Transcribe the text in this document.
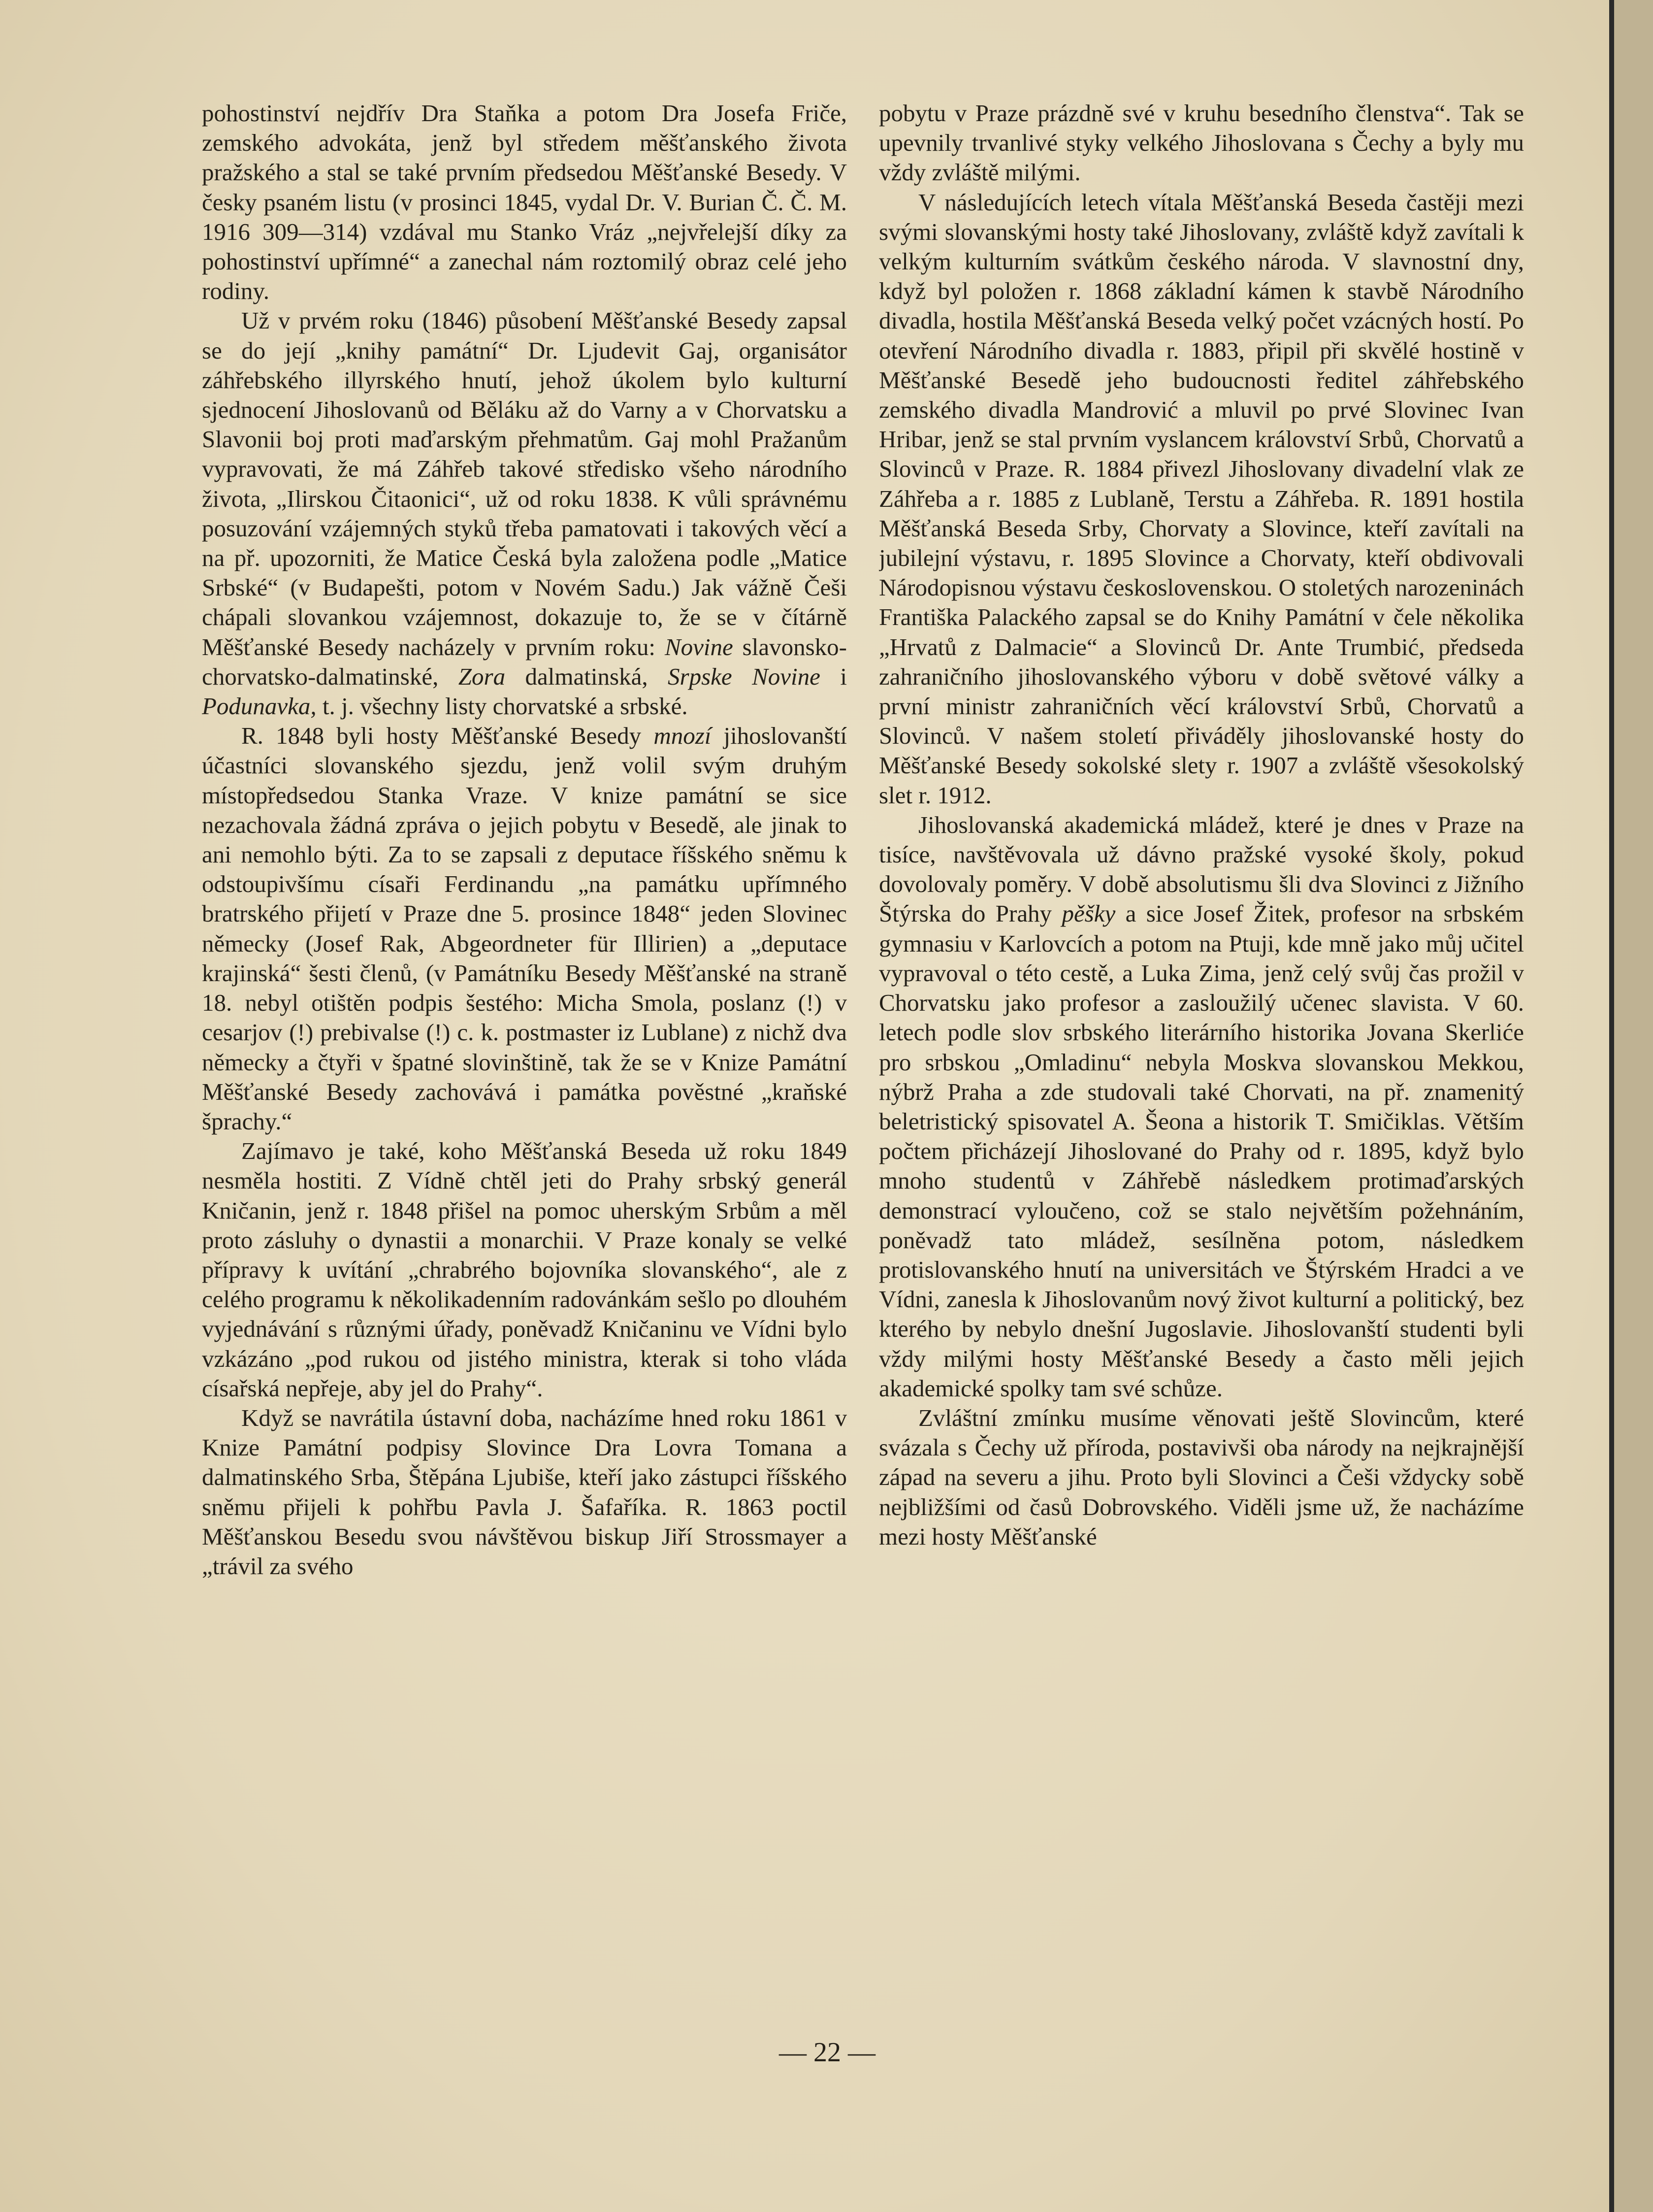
pohostinství nejdřív Dra Staňka a potom Dra Josefa Friče, zemského advokáta, jenž byl středem měšťanského života pražského a stal se také prvním předsedou Měšťanské Besedy. V česky psaném listu (v prosinci 1845, vydal Dr. V. Burian Č. Č. M. 1916 309—314) vzdával mu Stanko Vráz „nejvřelejší díky za pohostinství upřímné“ a zanechal nám roztomilý obraz celé jeho rodiny.

Už v prvém roku (1846) působení Měšťanské Besedy zapsal se do její „knihy památní“ Dr. Ljudevit Gaj, organisátor záhřebského illyrského hnutí, jehož úkolem bylo kulturní sjednocení Jihoslovanů od Běláku až do Varny a v Chorvatsku a Slavonii boj proti maďarským přehmatům. Gaj mohl Pražanům vypravovati, že má Záhřeb takové středisko všeho národního života, „Ilirskou Čitaonici“, už od roku 1838. K vůli správnému posuzování vzájemných styků třeba pamatovati i takových věcí a na př. upozorniti, že Matice Česká byla založena podle „Matice Srbské“ (v Budapešti, potom v Novém Sadu.) Jak vážně Češi chápali slovankou vzájemnost, dokazuje to, že se v čítárně Měšťanské Besedy nacházely v prvním roku: Novine slavonsko-chorvatsko-dalmatinské, Zora dalmatinská, Srpske Novine i Podunavka, t. j. všechny listy chorvatské a srbské.

R. 1848 byli hosty Měšťanské Besedy mnozí jihoslovanští účastníci slovanského sjezdu, jenž volil svým druhým místopředsedou Stanka Vraze. V knize památní se sice nezachovala žádná zpráva o jejich pobytu v Besedě, ale jinak to ani nemohlo býti. Za to se zapsali z deputace říšského sněmu k odstoupivšímu císaři Ferdinandu „na památku upřímného bratrského přijetí v Praze dne 5. prosince 1848“ jeden Slovinec německy (Josef Rak, Abgeordneter für Illirien) a „deputace krajinská“ šesti členů, (v Památníku Besedy Měšťanské na straně 18. nebyl otištěn podpis šestého: Micha Smola, poslanz (!) v cesarjov (!) prebivalse (!) c. k. postmaster iz Lublane) z nichž dva německy a čtyři v špatné slovinštině, tak že se v Knize Památní Měšťanské Besedy zachovává i památka pověstné „kraňské šprachy.“

Zajímavo je také, koho Měšťanská Beseda už roku 1849 nesměla hostiti. Z Vídně chtěl jeti do Prahy srbský generál Kničanin, jenž r. 1848 přišel na pomoc uherským Srbům a měl proto zásluhy o dynastii a monarchii. V Praze konaly se velké přípravy k uvítání „chrabrého bojovníka slovanského“, ale z celého programu k několikadenním radovánkám sešlo po dlouhém vyjednávání s různými úřady, poněvadž Kničaninu ve Vídni bylo vzkázáno „pod rukou od jistého ministra, kterak si toho vláda císařská nepřeje, aby jel do Prahy“.

Když se navrátila ústavní doba, nacházíme hned roku 1861 v Knize Památní podpisy Slovince Dra Lovra Tomana a dalmatinského Srba, Štěpána Ljubiše, kteří jako zástupci říšského sněmu přijeli k pohřbu Pavla J. Šafaříka. R. 1863 poctil Měšťanskou Besedu svou návštěvou biskup Jiří Strossmayer a „trávil za svého

pobytu v Praze prázdně své v kruhu besedního členstva“. Tak se upevnily trvanlivé styky velkého Jihoslovana s Čechy a byly mu vždy zvláště milými.

V následujících letech vítala Měšťanská Beseda častěji mezi svými slovanskými hosty také Jihoslovany, zvláště když zavítali k velkým kulturním svátkům českého národa. V slavnostní dny, když byl položen r. 1868 základní kámen k stavbě Národního divadla, hostila Měšťanská Beseda velký počet vzácných hostí. Po otevření Národního divadla r. 1883, připil při skvělé hostině v Měšťanské Besedě jeho budoucnosti ředitel záhřebského zemského divadla Mandrović a mluvil po prvé Slovinec Ivan Hribar, jenž se stal prvním vyslancem království Srbů, Chorvatů a Slovinců v Praze. R. 1884 přivezl Jihoslovany divadelní vlak ze Záhřeba a r. 1885 z Lublaně, Terstu a Záhřeba. R. 1891 hostila Měšťanská Beseda Srby, Chorvaty a Slovince, kteří zavítali na jubilejní výstavu, r. 1895 Slovince a Chorvaty, kteří obdivovali Národopisnou výstavu československou. O stoletých narozeninách Františka Palackého zapsal se do Knihy Památní v čele několika „Hrvatů z Dalmacie“ a Slovinců Dr. Ante Trumbić, předseda zahraničního jihoslovanského výboru v době světové války a první ministr zahraničních věcí království Srbů, Chorvatů a Slovinců. V našem století přiváděly jihoslovanské hosty do Měšťanské Besedy sokolské slety r. 1907 a zvláště všesokolský slet r. 1912.

Jihoslovanská akademická mládež, které je dnes v Praze na tisíce, navštěvovala už dávno pražské vysoké školy, pokud dovolovaly poměry. V době absolutismu šli dva Slovinci z Jižního Štýrska do Prahy pěšky a sice Josef Žitek, profesor na srbském gymnasiu v Karlovcích a potom na Ptuji, kde mně jako můj učitel vypravoval o této cestě, a Luka Zima, jenž celý svůj čas prožil v Chorvatsku jako profesor a zasloužilý učenec slavista. V 60. letech podle slov srbského literárního historika Jovana Skerliće pro srbskou „Omladinu“ nebyla Moskva slovanskou Mekkou, nýbrž Praha a zde studovali také Chorvati, na př. znamenitý beletristický spisovatel A. Šeona a historik T. Smičiklas. Větším počtem přicházejí Jihoslované do Prahy od r. 1895, když bylo mnoho studentů v Záhřebě následkem protimaďarských demonstrací vyloučeno, což se stalo největším požehnáním, poněvadž tato mládež, sesílněna potom, následkem protislovanského hnutí na universitách ve Štýrském Hradci a ve Vídni, zanesla k Jihoslovanům nový život kulturní a politický, bez kterého by nebylo dnešní Jugoslavie. Jihoslovanští studenti byli vždy milými hosty Měšťanské Besedy a často měli jejich akademické spolky tam své schůze.

Zvláštní zmínku musíme věnovati ještě Slovincům, které svázala s Čechy už příroda, postavivši oba národy na nejkrajnější západ na severu a jihu. Proto byli Slovinci a Češi vždycky sobě nejbližšími od časů Dobrovského. Viděli jsme už, že nacházíme mezi hosty Měšťanské

— 22 —
